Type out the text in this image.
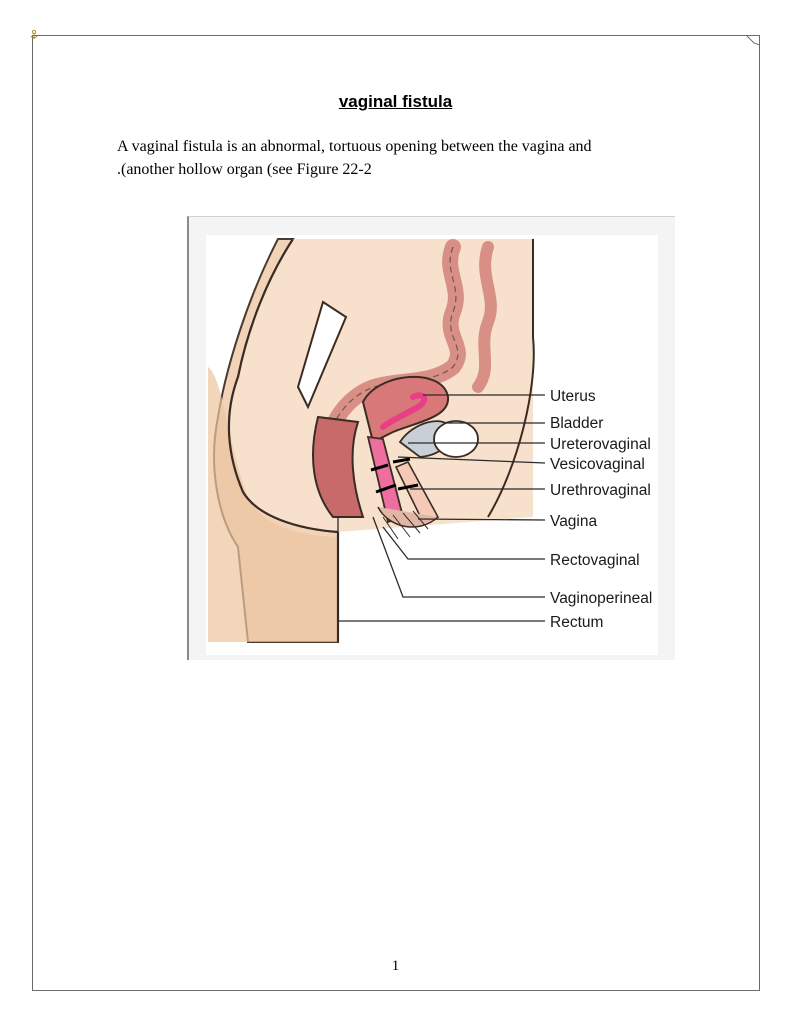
vaginal fistula
A vaginal fistula is an abnormal, tortuous opening between the vagina and
.(another hollow organ (see Figure 22-2
Uterus
Bladder
Ureterovaginal
Vesicovaginal
Urethrovaginal
Vagina
Rectovaginal
Vaginoperineal
Rectum
1
